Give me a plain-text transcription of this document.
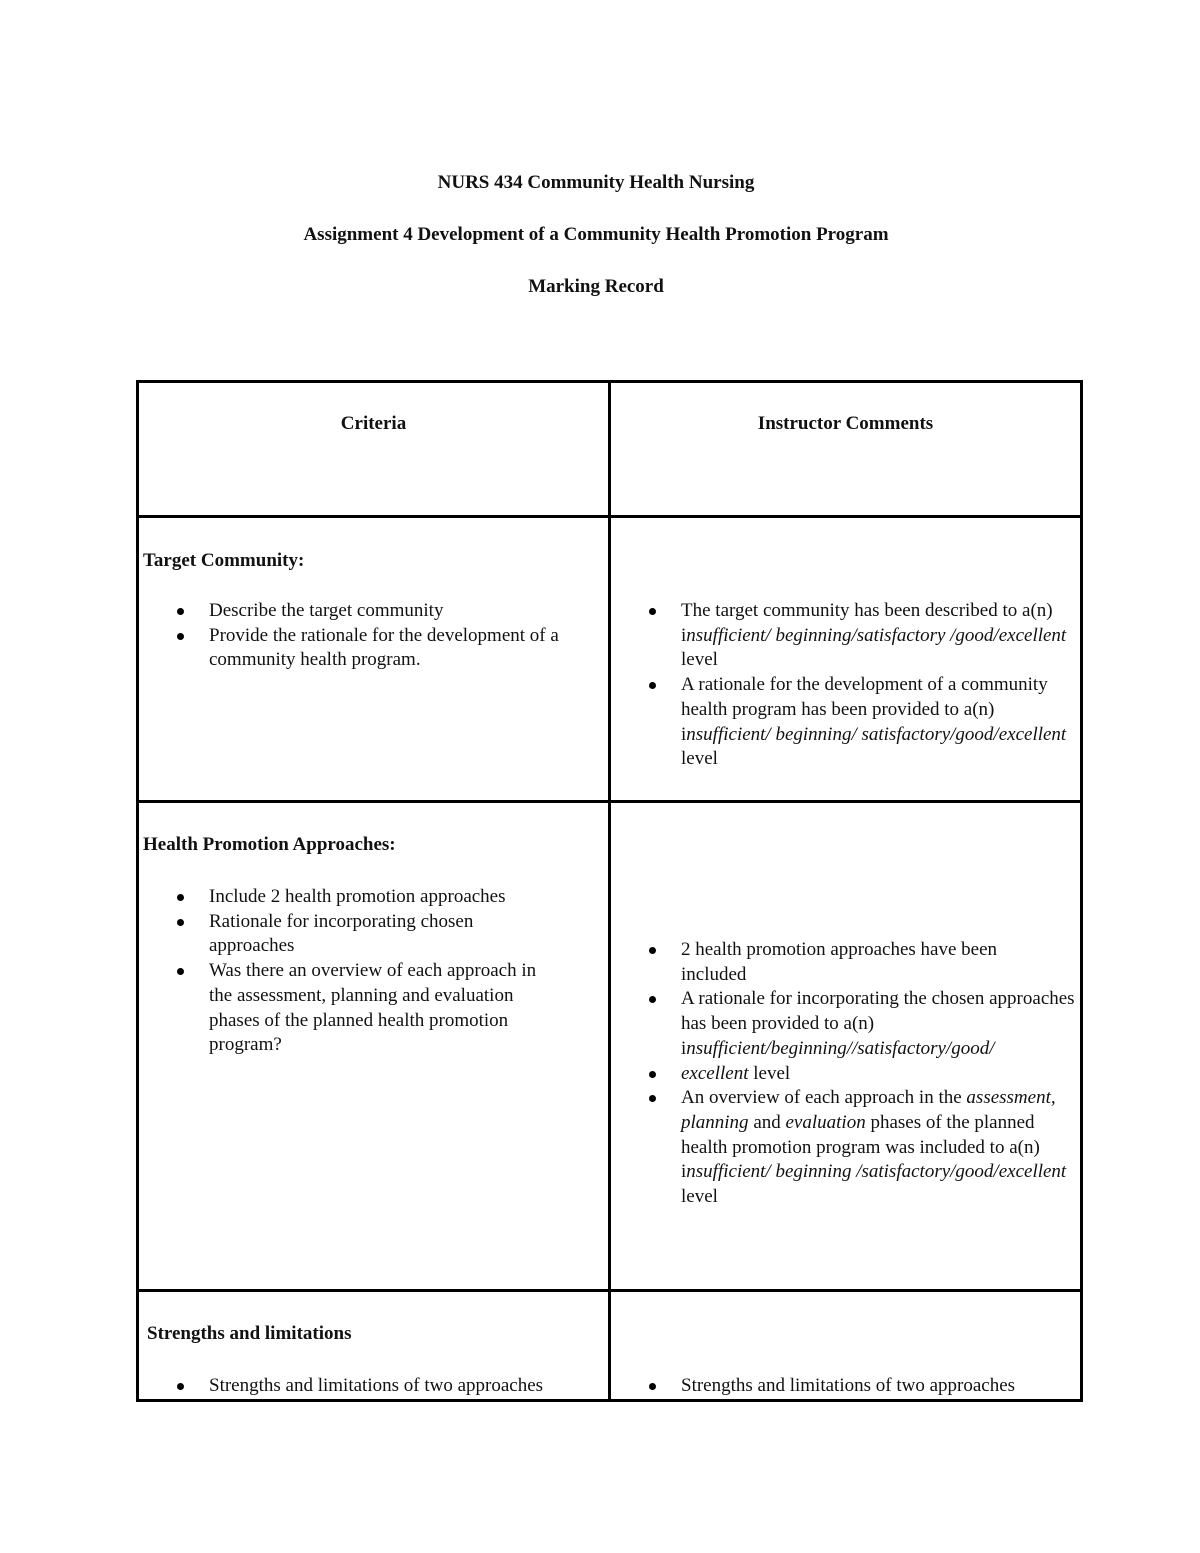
NURS 434 Community Health Nursing
Assignment 4 Development of a Community Health Promotion Program
Marking Record
Criteria	Instructor Comments
Target Community:
Describe the target community
Provide the rationale for the development of a community health program.
The target community has been described to a(n) insufficient/ beginning/satisfactory /good/excellent level
A rationale for the development of a community health program has been provided to a(n) insufficient/ beginning/ satisfactory/good/excellent level
Health Promotion Approaches:
Include 2 health promotion approaches
Rationale for incorporating chosen approaches
Was there an overview of each approach in the assessment, planning and evaluation phases of the planned health promotion program?
2 health promotion approaches have been included
A rationale for incorporating the chosen approaches has been provided to a(n) insufficient/beginning//satisfactory/good/
excellent level
An overview of each approach in the assessment, planning and evaluation phases of the planned health promotion program was included to a(n) insufficient/ beginning /satisfactory/good/excellent level
Strengths and limitations
Strengths and limitations of two approaches	Strengths and limitations of two approaches
